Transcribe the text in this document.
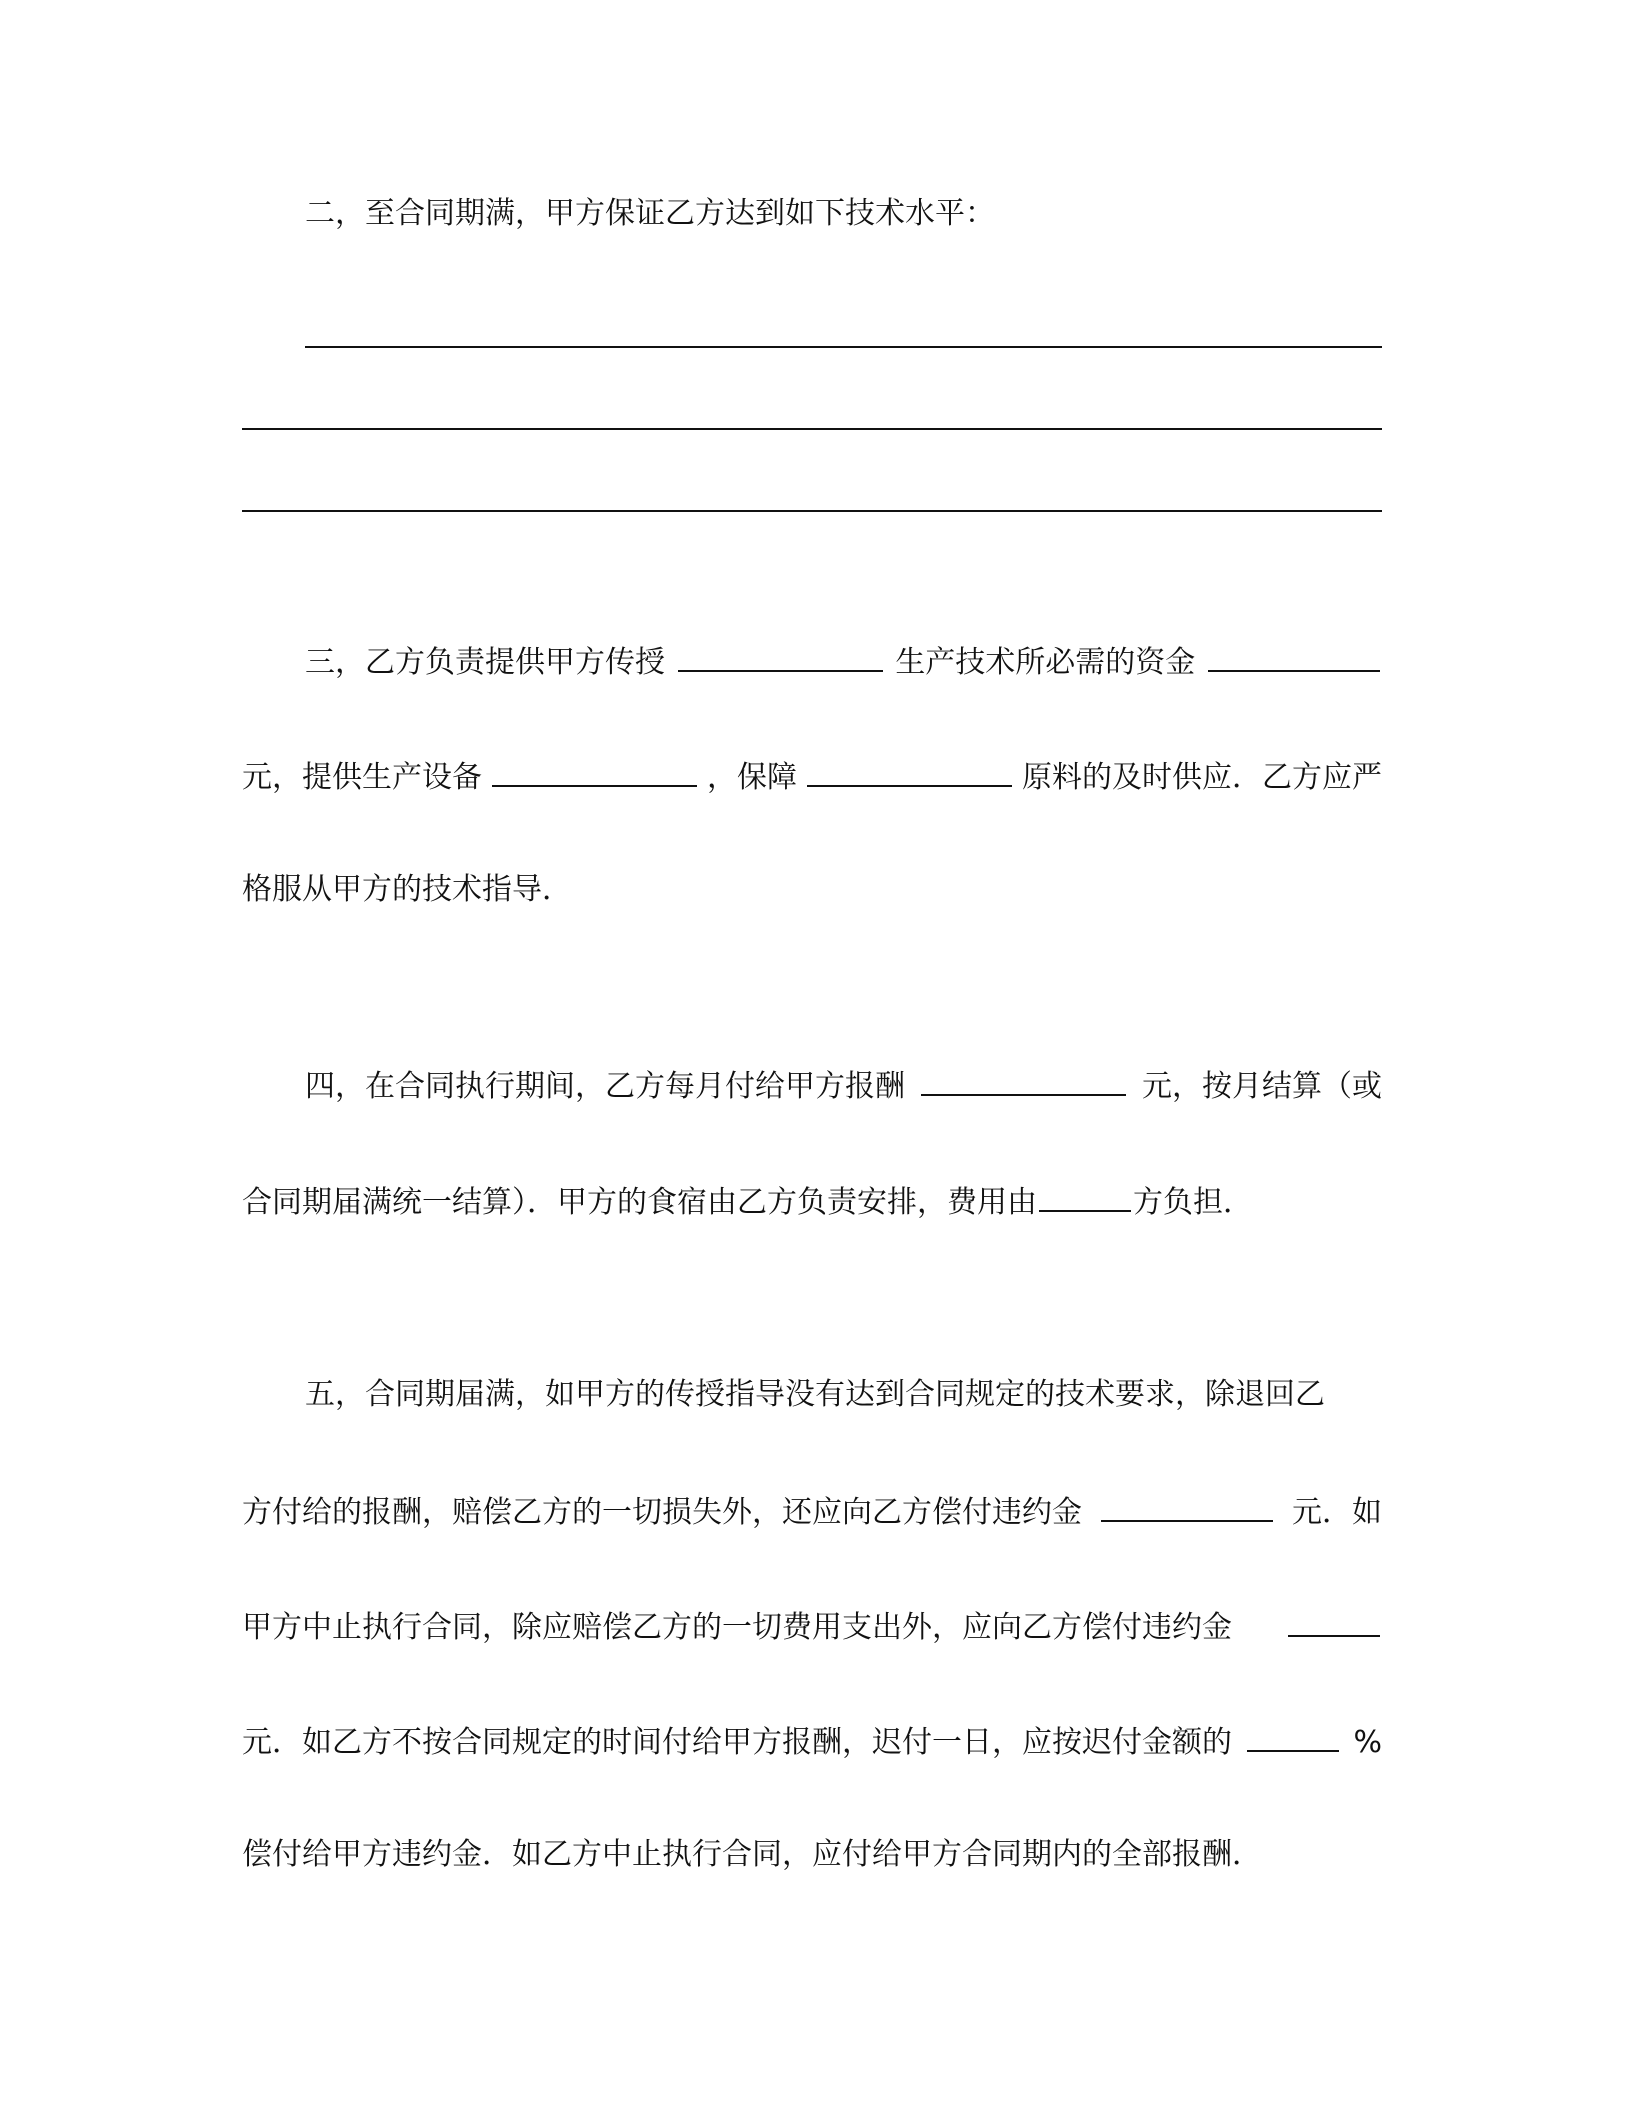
二，至合同期满，甲方保证乙方达到如下技术水平：
三，乙方负责提供甲方传授	生产技术所必需的资金
元，提供生产设备	，保障	原料的及时供应．乙方应严
格服从甲方的技术指导．
四，在合同执行期间，乙方每月付给甲方报酬	元，按月结算（或
合同期届满统一结算）．甲方的食宿由乙方负责安排，费用由	方负担．
五，合同期届满，如甲方的传授指导没有达到合同规定的技术要求，除退回乙
方付给的报酬，赔偿乙方的一切损失外，还应向乙方偿付违约金	元．如
甲方中止执行合同，除应赔偿乙方的一切费用支出外，应向乙方偿付违约金
元．如乙方不按合同规定的时间付给甲方报酬，迟付一日，应按迟付金额的	%
偿付给甲方违约金．如乙方中止执行合同，应付给甲方合同期内的全部报酬．
